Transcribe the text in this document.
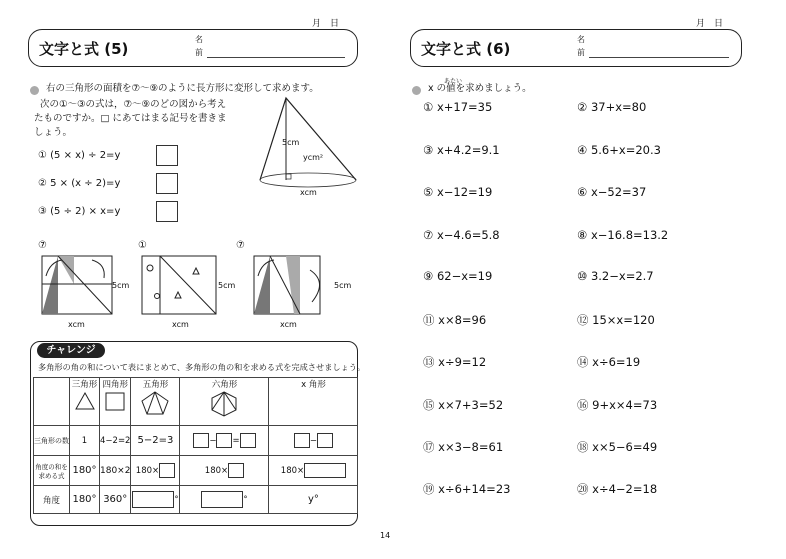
月　日
文字と式 (5)
名
前
右の三角形の面積を⑦～⑨のように長方形に変形して求めます。
次の①～③の式は，⑦～⑨のどの図から考え
たものですか。□ にあてはまる記号を書きま
しょう。
① (5 × x) ÷ 2=y
② 5 × (x ÷ 2)=y
③ (5 ÷ 2) × x=y
5cm
ycm²
xcm
⑦
5cm
xcm
①
5cm
xcm
⑦
5cm
xcm
チャレンジ
多角形の角の和について表にまとめて、多角形の角の和を求める式を完成させましょう。
	三角形	四角形	五角形	六角形	x 角形
三角形の数	1	4−2=2	5−2=3	− =	−
角度の和を求める式	180°	180×2	180×	180×	180×
角度	180°	360°	°	°	y°
14
月　日
文字と式 (6)
名
前
あたい
x の値を求めましょう。
① x+17=35	② 37+x=80
③ x+4.2=9.1	④ 5.6+x=20.3
⑤ x−12=19	⑥ x−52=37
⑦ x−4.6=5.8	⑧ x−16.8=13.2
⑨ 62−x=19	⑩ 3.2−x=2.7
⑪ x×8=96	⑫ 15×x=120
⑬ x÷9=12	⑭ x÷6=19
⑮ x×7+3=52	⑯ 9+x×4=73
⑰ x×3−8=61	⑱ x×5−6=49
⑲ x÷6+14=23	⑳ x÷4−2=18
